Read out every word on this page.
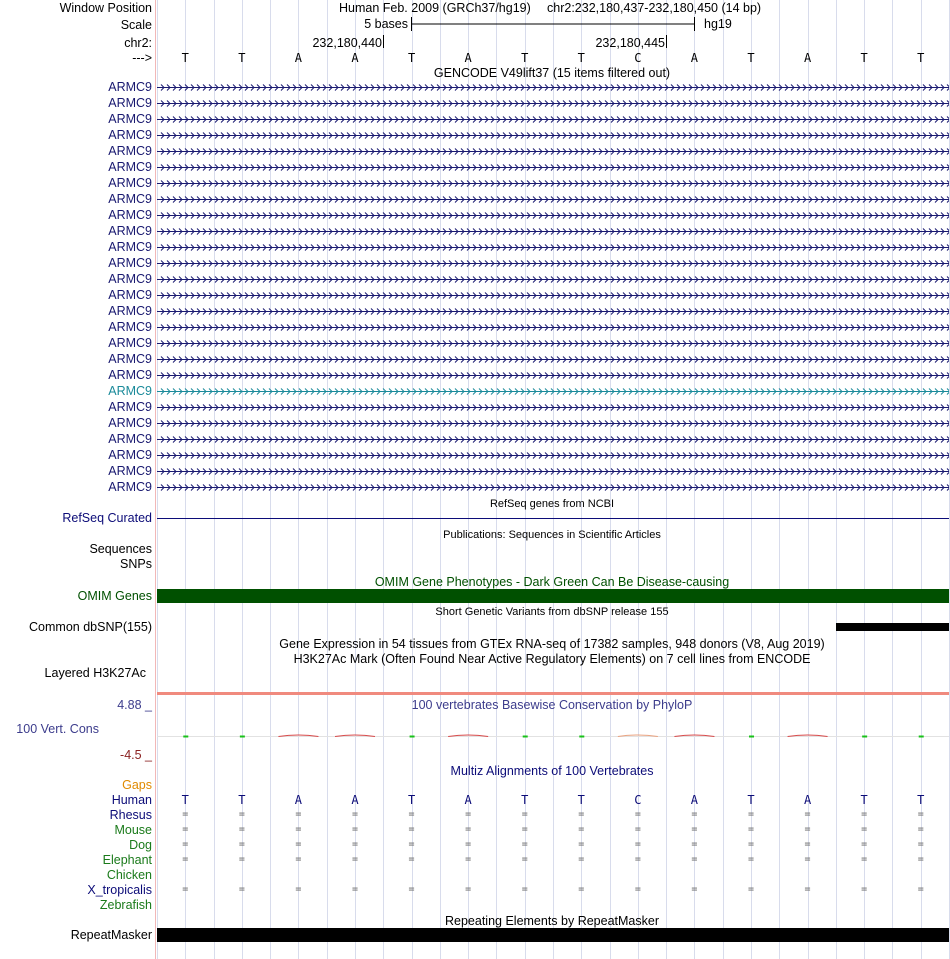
Window Position	Human Feb. 2009 (GRCh37/hg19) chr2:232,180,437-232,180,450 (14 bp)
Scale	5 bases	hg19
chr2:	232,180,440	232,180,445
---> T	T	A	A	T	A	T	T	C	A	T	A	T	T
GENCODE V49lift37 (15 items filtered out)
ARMC9
ARMC9
ARMC9
ARMC9
ARMC9
ARMC9
ARMC9
ARMC9
ARMC9
ARMC9
ARMC9
ARMC9
ARMC9
ARMC9
ARMC9
ARMC9
ARMC9
ARMC9
ARMC9
ARMC9
ARMC9
ARMC9
ARMC9
ARMC9
ARMC9
ARMC9
RefSeq genes from NCBI
RefSeq Curated
Publications: Sequences in Scientific Articles
Sequences
SNPs
OMIM Gene Phenotypes - Dark Green Can Be Disease-causing
OMIM Genes
Short Genetic Variants from dbSNP release 155
Common dbSNP(155)
Gene Expression in 54 tissues from GTEx RNA-seq of 17382 samples, 948 donors (V8, Aug 2019)
H3K27Ac Mark (Often Found Near Active Regulatory Elements) on 7 cell lines from ENCODE
Layered H3K27Ac
100 vertebrates Basewise Conservation by PhyloP
4.88 _
100 Vert. Cons
-4.5 _
Multiz Alignments of 100 Vertebrates
Gaps
Human T	T	A	A	T	A	T	T	C	A	T	A	T	T
Rhesus	=	=	=	=	=	=	=	=	=	=	=	=	=	=
Mouse	=	=	=	=	=	=	=	=	=	=	=	=	=	=
Dog	=	=	=	=	=	=	=	=	=	=	=	=	=	=
Elephant	=	=	=	=	=	=	=	=	=	=	=	=	=	=
Chicken
X_tropicalis	=	=	=	=	=	=	=	=	=	=	=	=	=	=
Zebrafish
Repeating Elements by RepeatMasker
RepeatMasker
